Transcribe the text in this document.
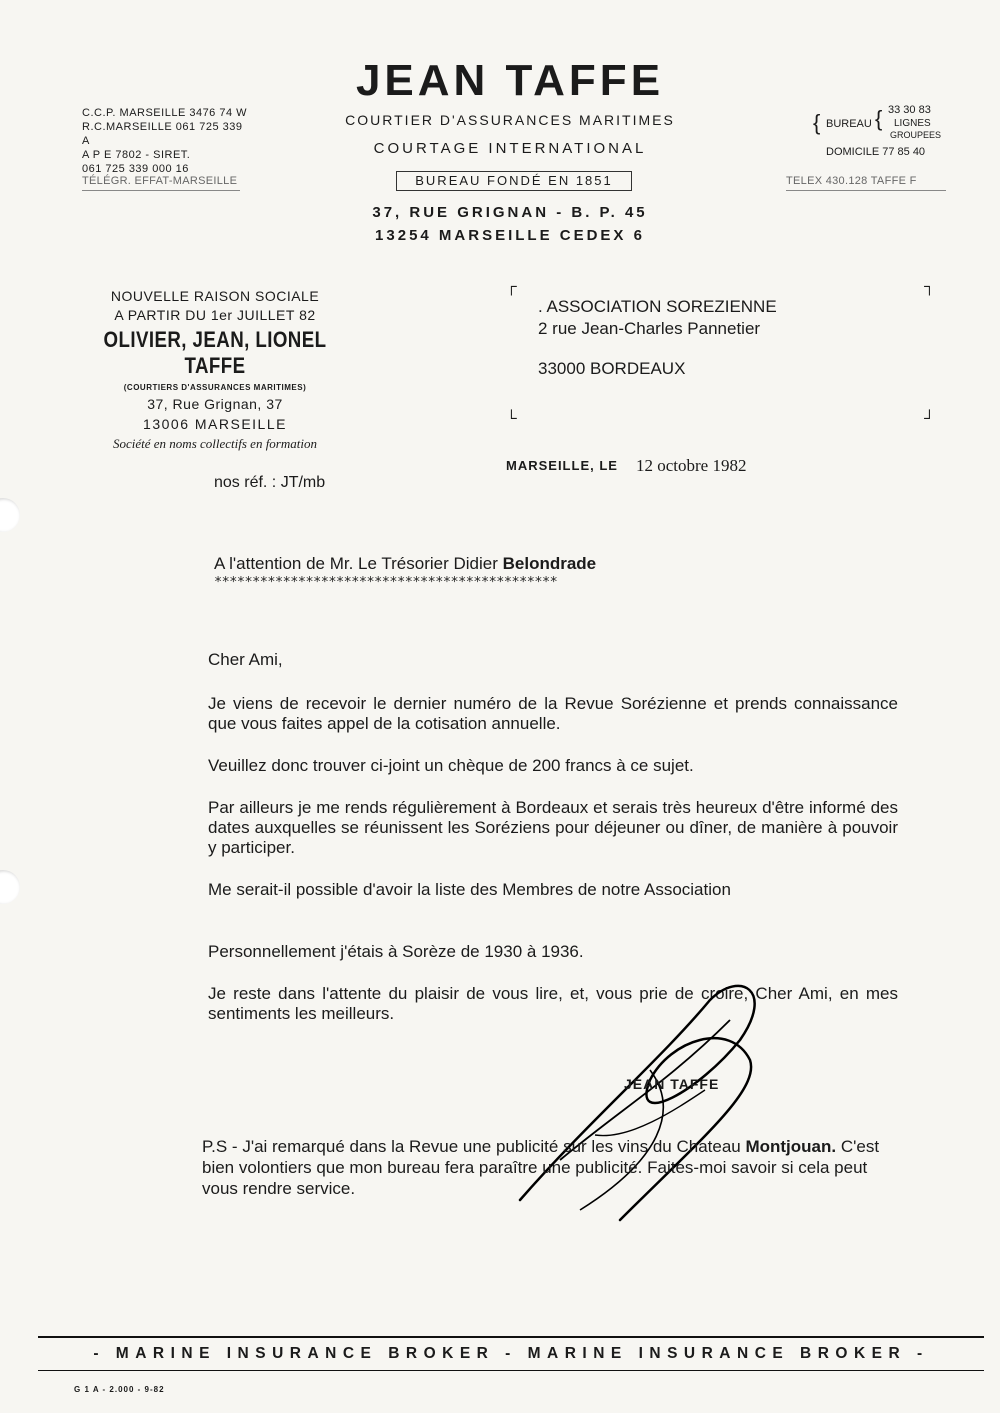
JEAN TAFFE
COURTIER D'ASSURANCES MARITIMES
COURTAGE INTERNATIONAL
BUREAU FONDÉ EN 1851
37, RUE GRIGNAN - B. P. 45
13254 MARSEILLE CEDEX 6
C.C.P. MARSEILLE 3476 74 W
R.C.MARSEILLE 061 725 339 A
A P E 7802 - SIRET.
061 725 339 000 16
TÉLÉGR. EFFAT-MARSEILLE
{ { 33 30 83
BUREAU LIGNES
GROUPEES
DOMICILE 77 85 40
TELEX 430.128 TAFFE F
NOUVELLE RAISON SOCIALE
A PARTIR DU 1er JUILLET 82
OLIVIER, JEAN, LIONEL TAFFE
(COURTIERS D'ASSURANCES MARITIMES)
37, Rue Grignan, 37
13006 MARSEILLE
Société en noms collectifs en formation
┌	┐
└	┘
. ASSOCIATION SOREZIENNE
2 rue Jean-Charles Pannetier
33000 BORDEAUX
MARSEILLE, LE 12 octobre 1982
nos réf. : JT/mb
A l'attention de Mr. Le Trésorier Didier Belondrade
*********************************************

Cher Ami,

Je viens de recevoir le dernier numéro de la Revue Sorézienne et prends connaissance que vous faites appel de la cotisation annuelle.

Veuillez donc trouver ci-joint un chèque de 200 francs à ce sujet.

Par ailleurs je me rends régulièrement à Bordeaux et serais très heureux d'être informé des dates auxquelles se réunissent les Soréziens pour déjeuner ou dîner, de manière à pouvoir y participer.

Me serait-il possible d'avoir la liste des Membres de notre Association

Personnellement j'étais à Sorèze de 1930 à 1936.

Je reste dans l'attente du plaisir de vous lire, et, vous prie de croire, Cher Ami, en mes sentiments les meilleurs.

JEAN TAFFE
P.S - J'ai remarqué dans la Revue une publicité sur les vins du Chateau Montjouan. C'est bien volontiers que mon bureau fera paraître une publicité. Faites-moi savoir si cela peut vous rendre service.
- MARINE INSURANCE BROKER - MARINE INSURANCE BROKER -
G 1 A - 2.000 - 9-82
